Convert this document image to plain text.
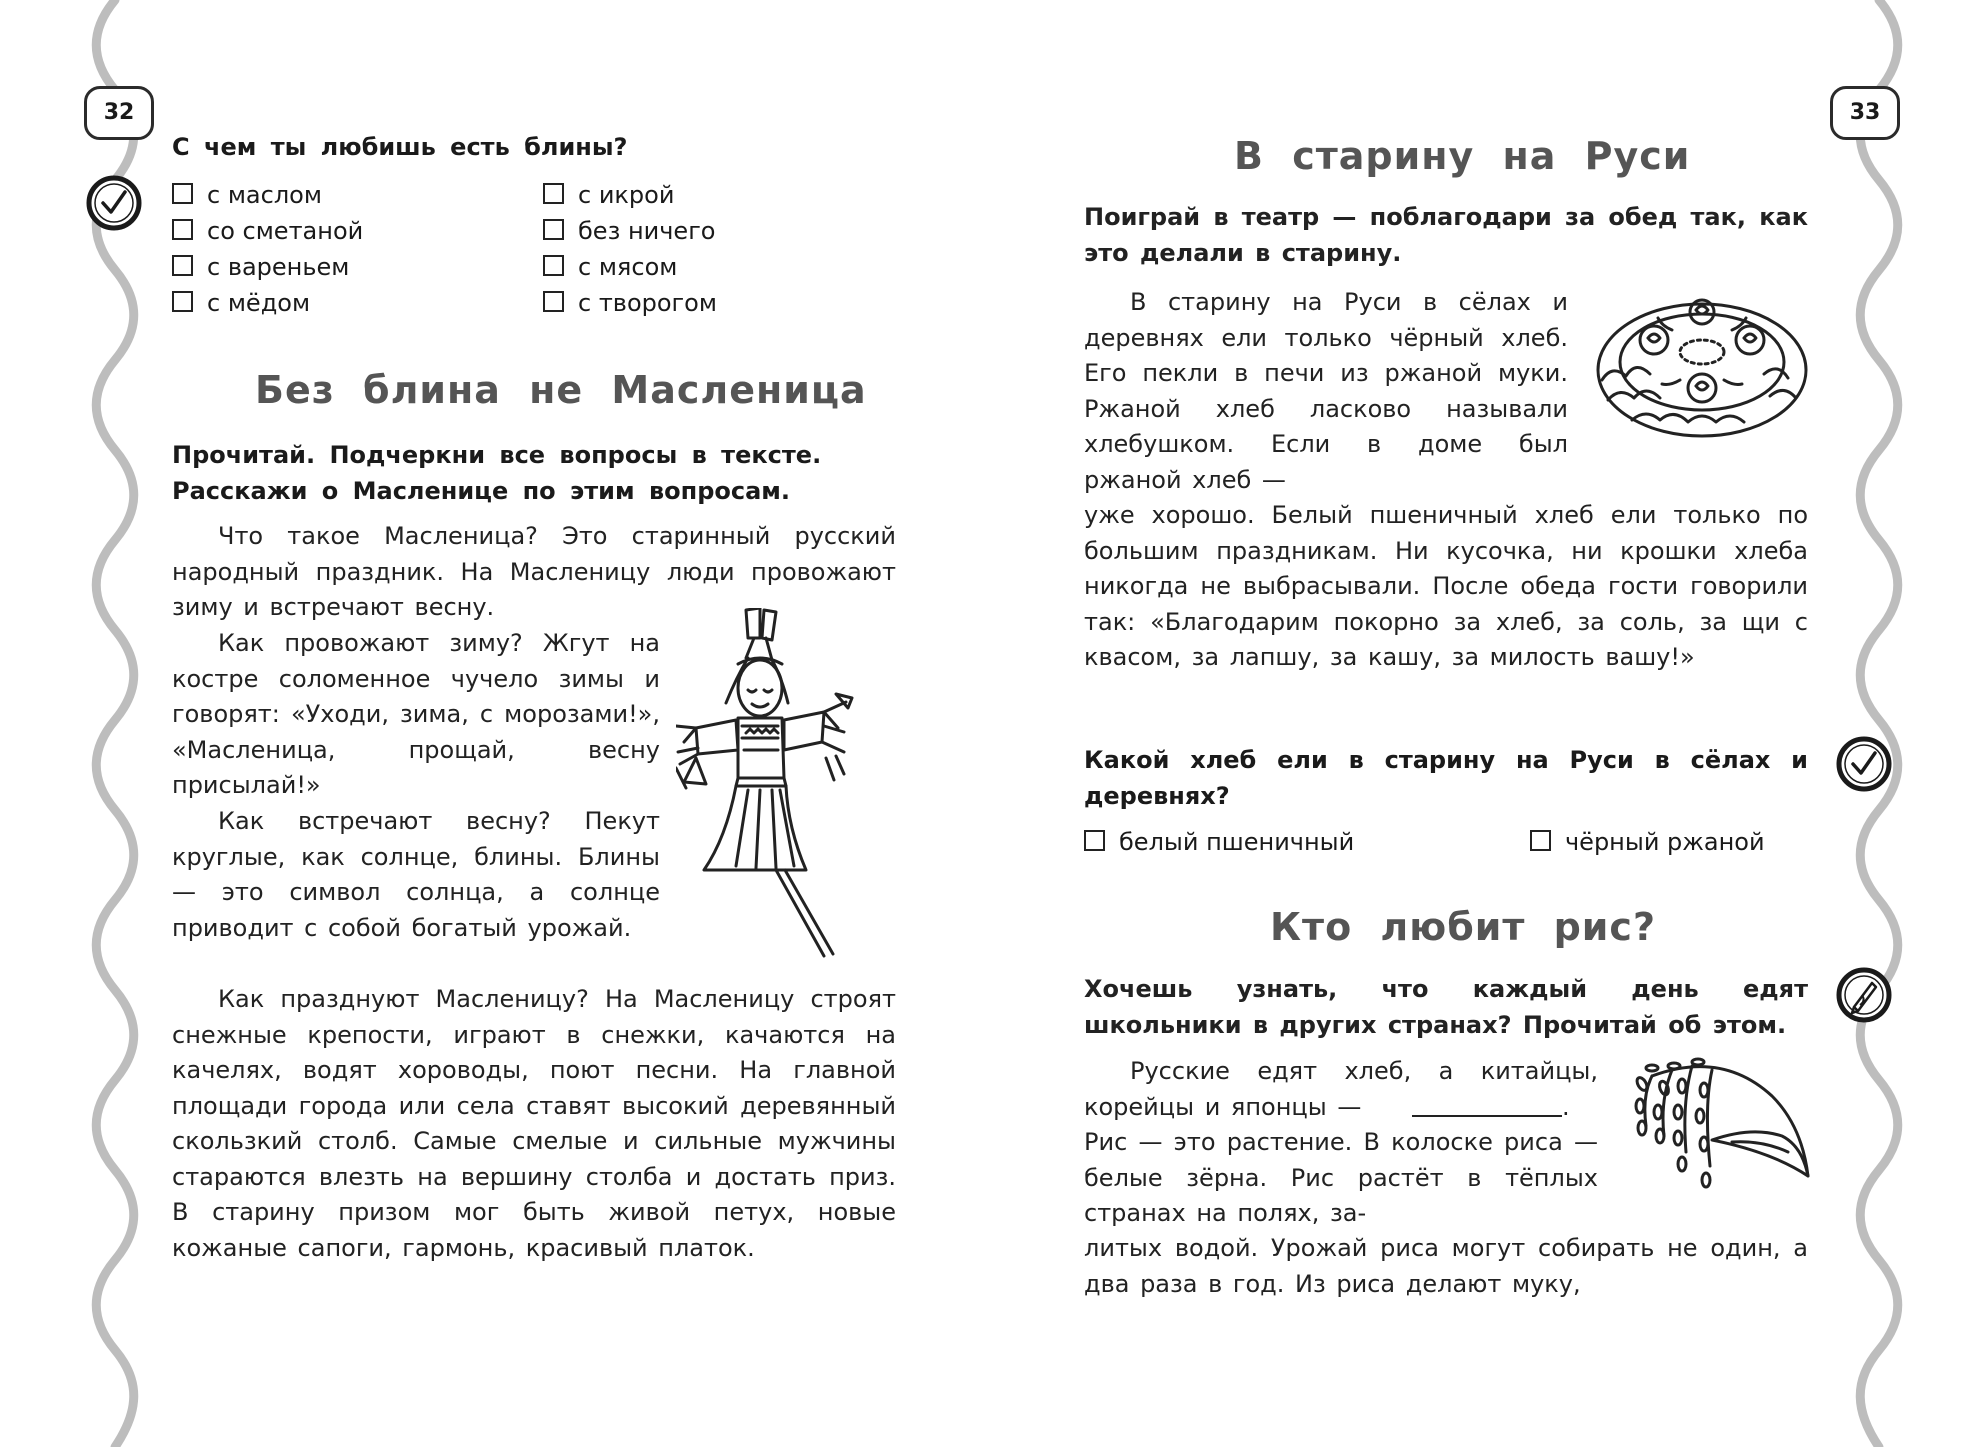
32
С чем ты любишь есть блины?
с маслом
со сметаной
с вареньем
с мёдом
с икрой
без ничего
с мясом
с творогом
Без блина не Масленица
Прочитай. Подчеркни все вопросы в тексте.
Расскажи о Масленице по этим вопросам.

Что такое Масленица? Это старинный русский народный праздник. На Масленицу люди провожают зиму и встречают весну.

Как провожают зиму? Жгут на костре соломенное чучело зимы и говорят: «Уходи, зима, с морозами!», «Масленица, прощай, весну присылай!»

Как встречают весну? Пекут круглые, как солнце, блины. Блины — это символ солнца, а солнце приводит с собой богатый урожай.

Как празднуют Масленицу? На Масленицу строят снежные крепости, играют в снежки, качаются на качелях, водят хороводы, поют песни. На главной площади города или села ставят высокий деревянный скользкий столб. Самые смелые и сильные мужчины стараются влезть на вершину столба и достать приз. В старину призом мог быть живой петух, новые кожаные сапоги, гармонь, красивый платок.

33
В старину на Руси

Поиграй в театр — поблагодари за обед так, как это делали в старину.

В старину на Руси в сёлах и деревнях ели только чёрный хлеб. Его пекли в печи из ржаной муки. Ржаной хлеб ласково называли хлебушком. Если в доме был ржаной хлеб —

уже хорошо. Белый пшеничный хлеб ели только по большим праздникам. Ни кусочка, ни крошки хлеба никогда не выбрасывали. После обеда гости говорили так: «Благодарим покорно за хлеб, за соль, за щи с квасом, за лапшу, за кашу, за милость вашу!»

Какой хлеб ели в старину на Руси в сёлах и деревнях?
белый пшеничный	чёрный ржаной
Кто любит рис?

Хочешь узнать, что каждый день едят школьники в других странах? Прочитай об этом.

Русские едят хлеб, а китайцы,

корейцы и японцы —	.

Рис — это растение. В колоске риса — белые зёрна. Рис растёт в тёплых странах на полях, за-

литых водой. Урожай риса могут собирать не один, а два раза в год. Из риса делают муку,
